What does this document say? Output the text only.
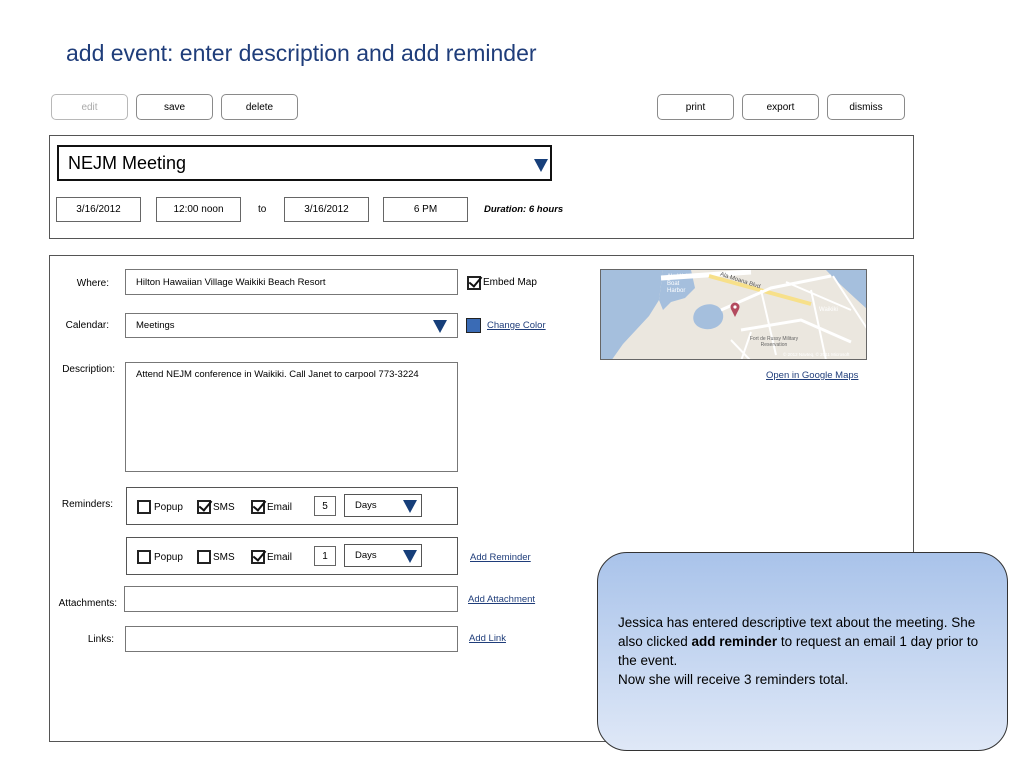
add event: enter description and add reminder
edit	save	delete	print	export	dismiss
NEJM Meeting
3/16/2012	12:00 noon	to	3/16/2012	6 PM	Duration: 6 hours
Where:	Hilton Hawaiian Village Waikiki Beach Resort	Embed Map
Calendar:	Meetings	Change Color
Ala Wai Boat Harbor
Ala Moana Blvd
Fort de Russy Military Reservation
Waikiki
© 2012 Navteq, © 2011 Microsoft
Open in Google Maps
Description:	Attend NEJM conference in Waikiki. Call Janet to carpool 773-3224
Reminders:	Popup	SMS	Email	5	Days
Popup	SMS	Email	1	Days	Add Reminder
Attachments:	Add Attachment
Links:	Add Link
Jessica has entered descriptive text about the meeting. She also clicked add reminder to request an email 1 day prior to the event.
Now she will receive 3 reminders total.
